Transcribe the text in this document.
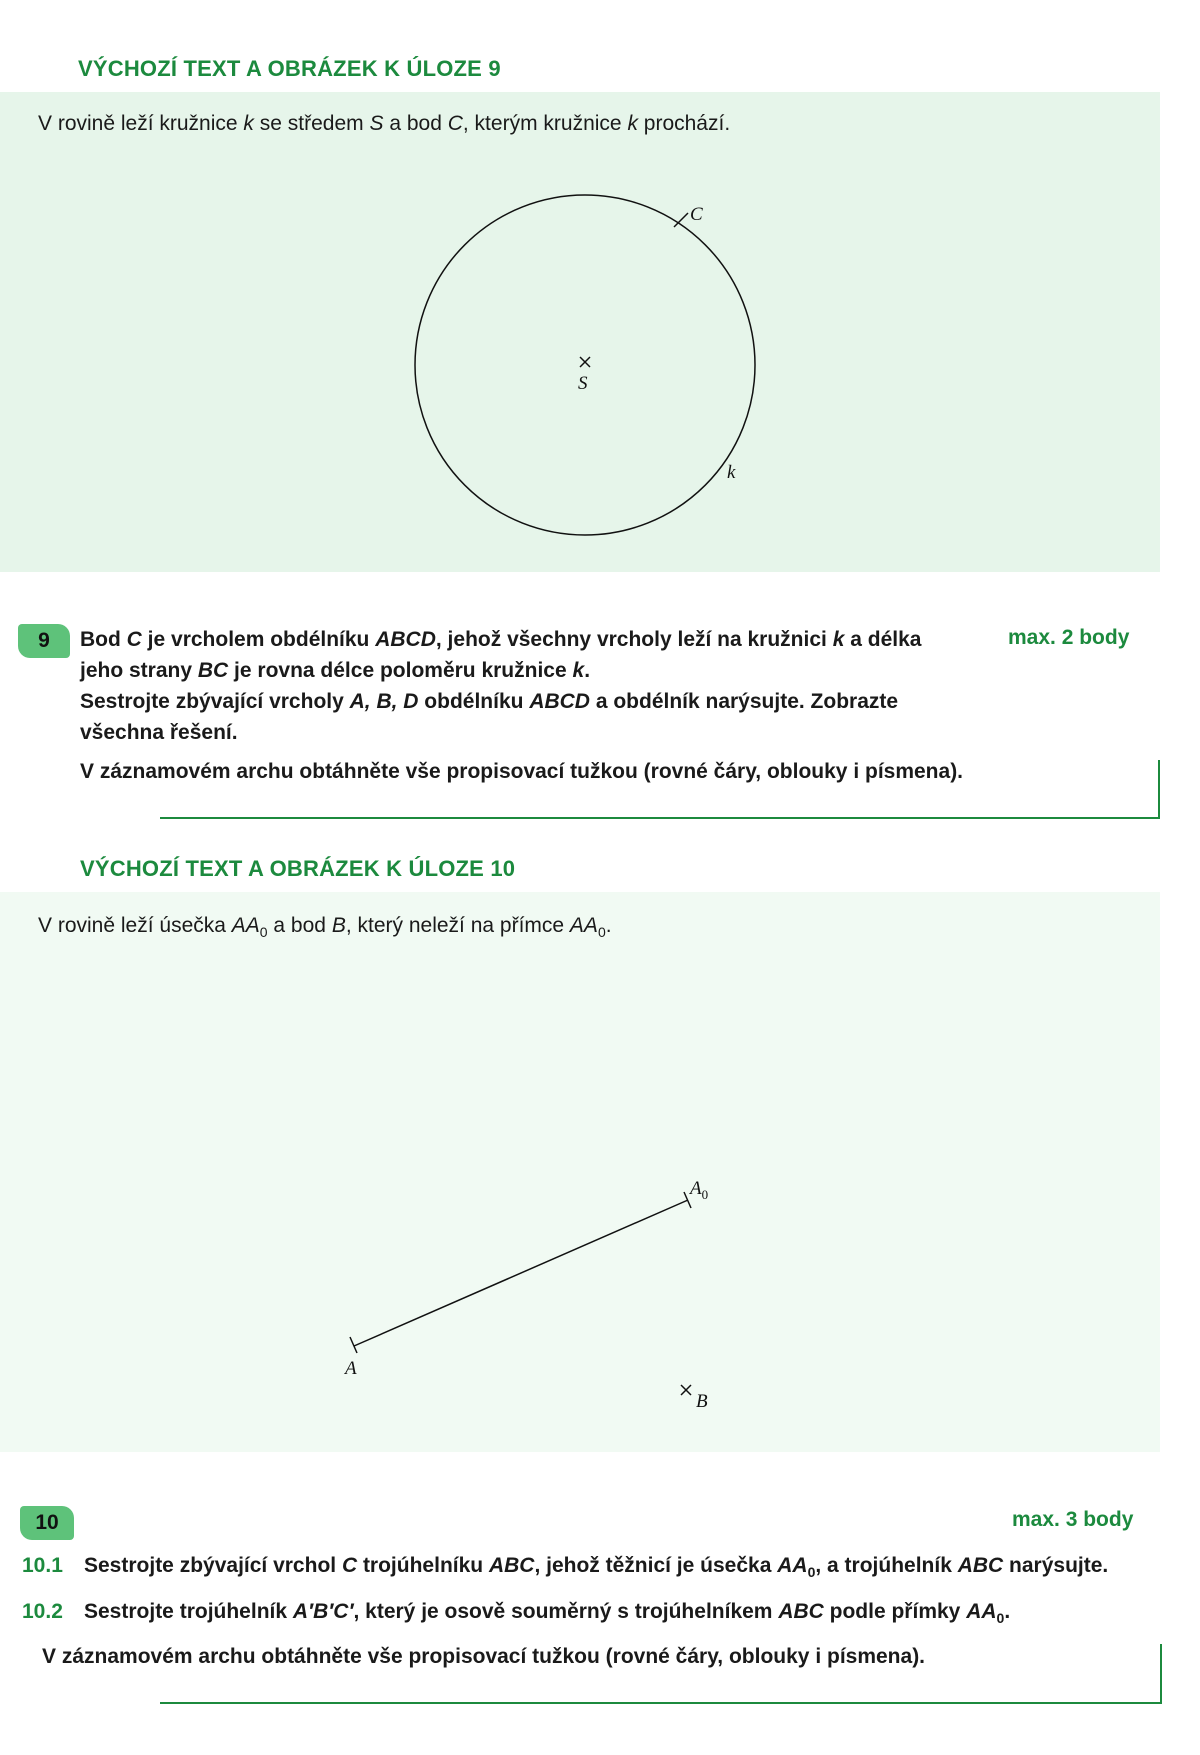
VÝCHOZÍ TEXT A OBRÁZEK K ÚLOZE 9
V rovině leží kružnice k se středem S a bod C, kterým kružnice k prochází.
C
S
k
9	max. 2 body
Bod C je vrcholem obdélníku ABCD, jehož všechny vrcholy leží na kružnici k a délka
jeho strany BC je rovna délce poloměru kružnice k.
Sestrojte zbývající vrcholy A, B, D obdélníku ABCD a obdélník narýsujte. Zobrazte
všechna řešení.
V záznamovém archu obtáhněte vše propisovací tužkou (rovné čáry, oblouky i písmena).
VÝCHOZÍ TEXT A OBRÁZEK K ÚLOZE 10
V rovině leží úsečka $AA_0$ a bod B, který neleží na přímce $AA_0$.
$A_0$
A
B
10	max. 3 body
10.1 Sestrojte zbývající vrchol C trojúhelníku ABC, jehož těžnicí je úsečka $AA_0$, a trojúhelník ABC narýsujte.
10.2 Sestrojte trojúhelník A′B′C′, který je osově souměrný s trojúhelníkem ABC podle přímky $AA_0$.
V záznamovém archu obtáhněte vše propisovací tužkou (rovné čáry, oblouky i písmena).
